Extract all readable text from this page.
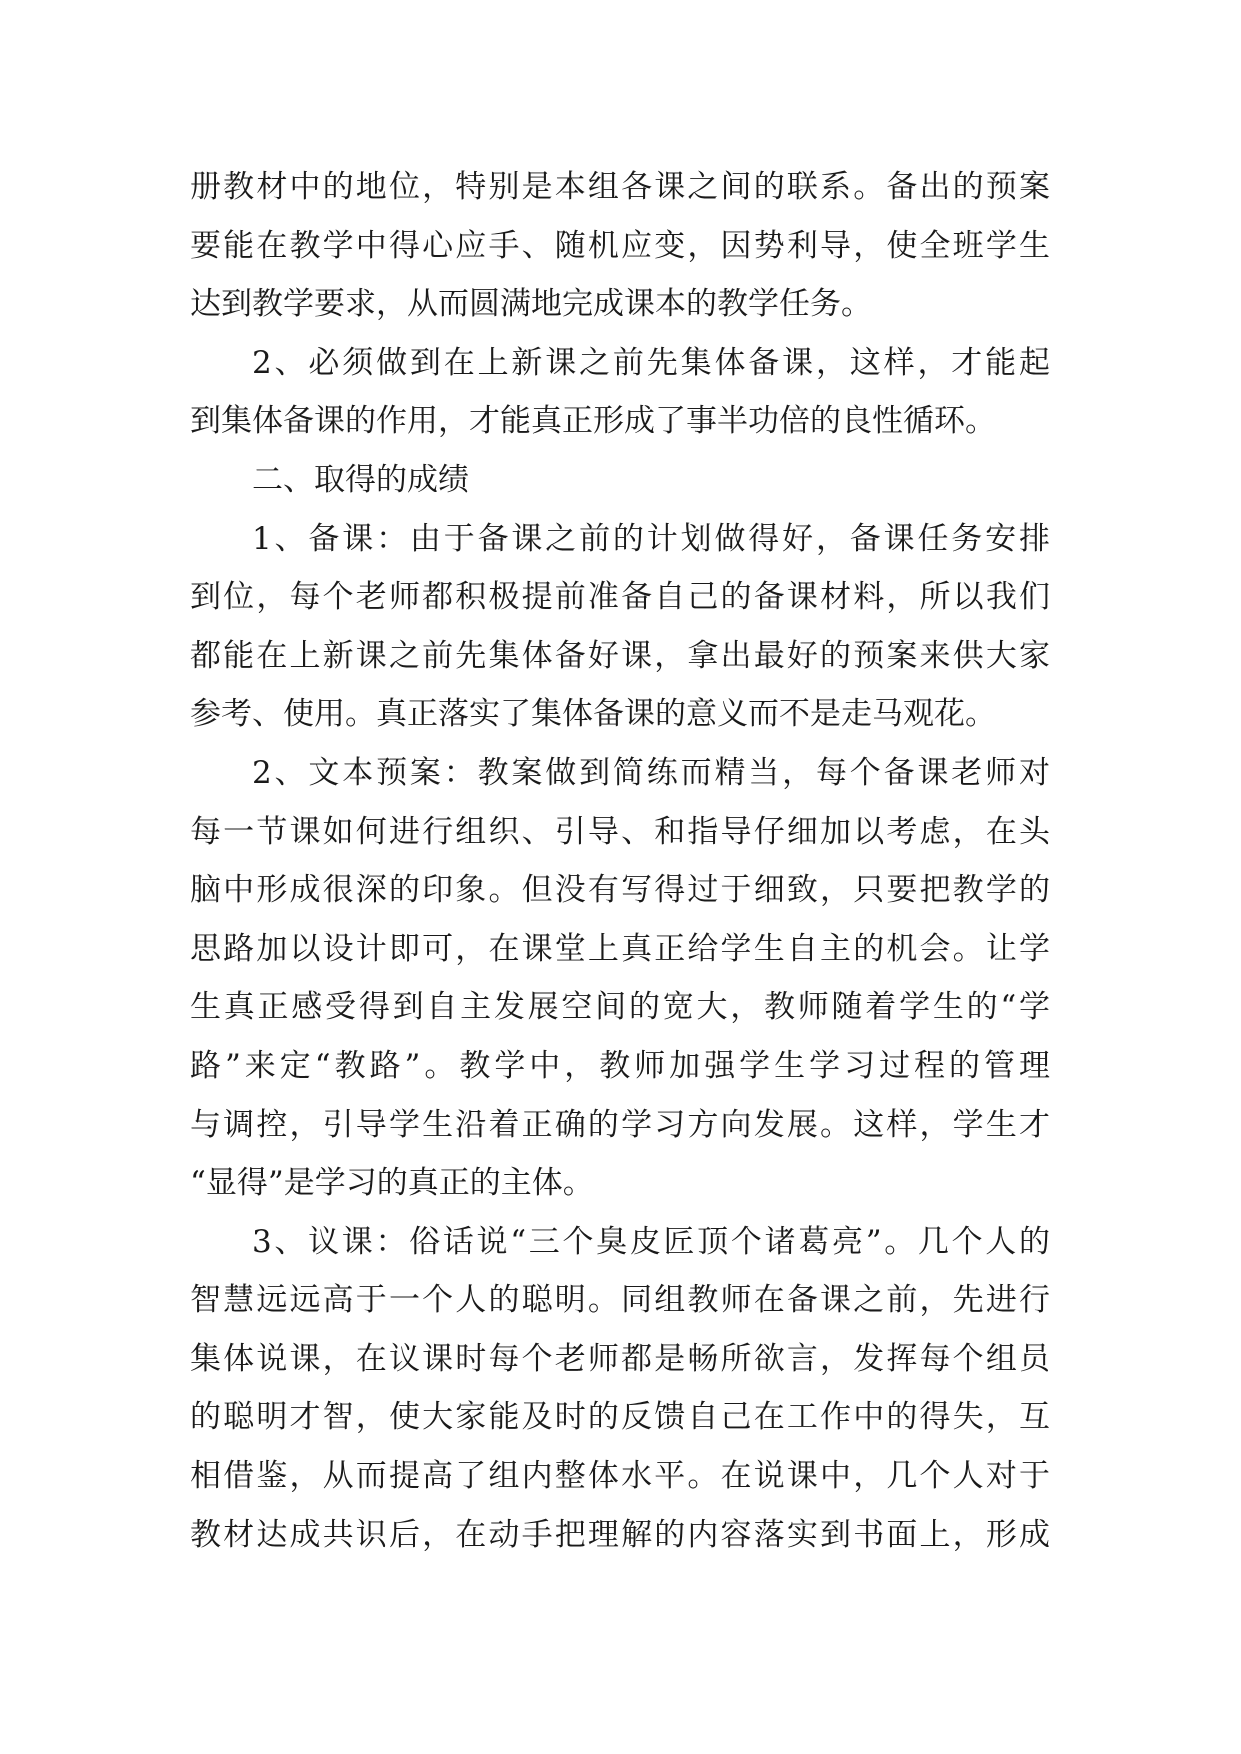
册教材中的地位，特别是本组各课之间的联系。备出的预案
要能在教学中得心应手、随机应变，因势利导，使全班学生
达到教学要求，从而圆满地完成课本的教学任务。
2、必须做到在上新课之前先集体备课，这样，才能起
到集体备课的作用，才能真正形成了事半功倍的良性循环。
二、取得的成绩
1、备课：由于备课之前的计划做得好，备课任务安排
到位，每个老师都积极提前准备自己的备课材料，所以我们
都能在上新课之前先集体备好课，拿出最好的预案来供大家
参考、使用。真正落实了集体备课的意义而不是走马观花。
2、文本预案：教案做到简练而精当，每个备课老师对
每一节课如何进行组织、引导、和指导仔细加以考虑，在头
脑中形成很深的印象。但没有写得过于细致，只要把教学的
思路加以设计即可，在课堂上真正给学生自主的机会。让学
生真正感受得到自主发展空间的宽大，教师随着学生的“学
路”来定“教路”。教学中，教师加强学生学习过程的管理
与调控，引导学生沿着正确的学习方向发展。这样，学生才
“显得”是学习的真正的主体。
3、议课：俗话说“三个臭皮匠顶个诸葛亮”。几个人的
智慧远远高于一个人的聪明。同组教师在备课之前，先进行
集体说课，在议课时每个老师都是畅所欲言，发挥每个组员
的聪明才智，使大家能及时的反馈自己在工作中的得失，互
相借鉴，从而提高了组内整体水平。在说课中，几个人对于
教材达成共识后，在动手把理解的内容落实到书面上，形成
